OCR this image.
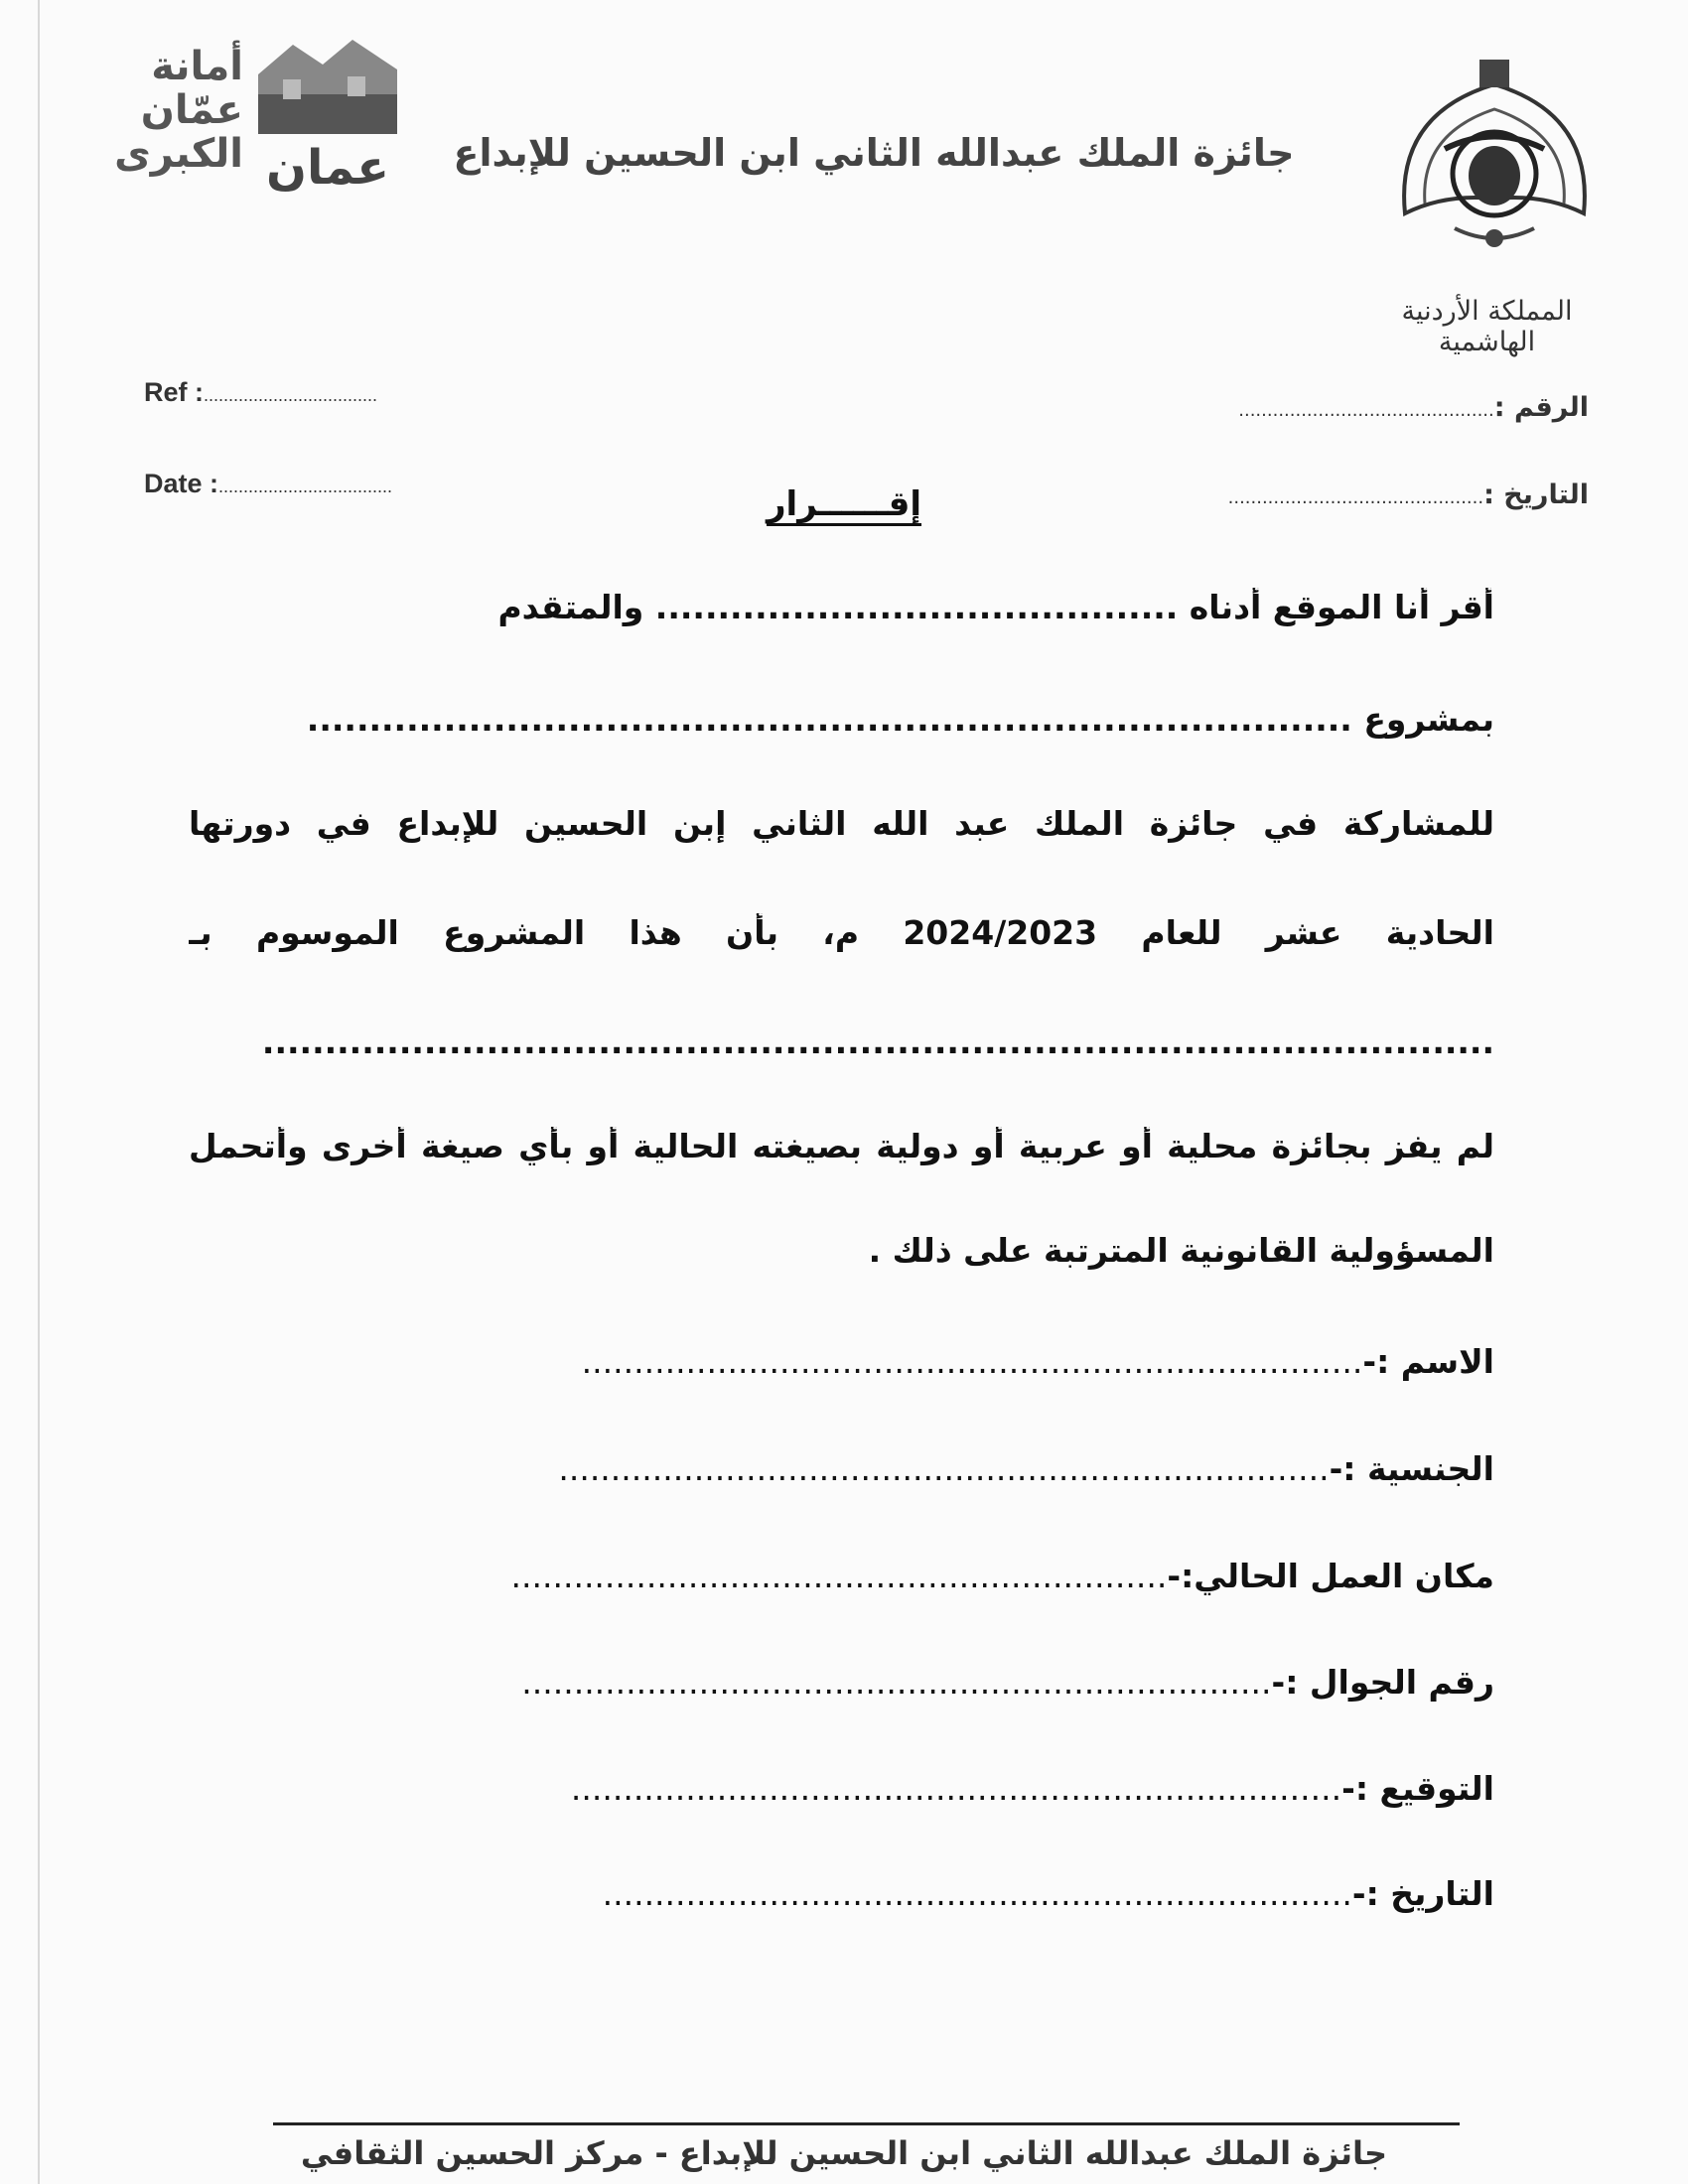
المملكة الأردنية الهاشمية
جائزة الملك عبدالله الثاني ابن الحسين للإبداع
عمان
أمانة
عمّان
الكبرى
Ref :...................................
Date :...................................
الرقم :.............................................
التاريخ :.............................................
إقــــــرار
أقر أنا الموقع أدناه .......................................... والمتقدم
بمشروع ....................................................................................
للمشاركة في جائزة الملك عبد الله الثاني إبن الحسين للإبداع في دورتها
الحادية عشر للعام 2024/2023 م، بأن هذا المشروع الموسوم بـ
...................................................................................................
لم يفز بجائزة محلية أو عربية أو دولية بصيغته الحالية أو بأي صيغة أخرى وأتحمل
المسؤولية القانونية المترتبة على ذلك .
الاسم :-...........................................................................
الجنسية :-..........................................................................
مكان العمل الحالي:-...............................................................
رقم الجوال :-........................................................................
التوقيع :-..........................................................................
التاريخ :-........................................................................
جائزة الملك عبدالله الثاني ابن الحسين للإبداع - مركز الحسين الثقافي
